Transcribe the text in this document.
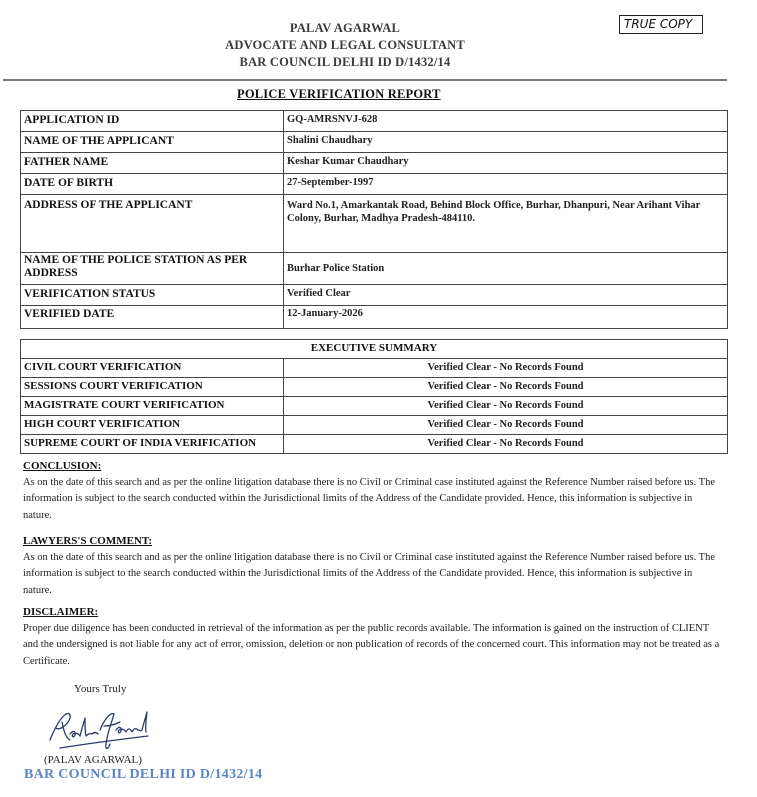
PALAV AGARWAL
ADVOCATE AND LEGAL CONSULTANT
BAR COUNCIL DELHI ID D/1432/14
TRUE COPY
POLICE VERIFICATION REPORT
APPLICATION ID	GQ-AMRSNVJ-628
NAME OF THE APPLICANT	Shalini Chaudhary
FATHER NAME	Keshar Kumar Chaudhary
DATE OF BIRTH	27-September-1997
ADDRESS OF THE APPLICANT	Ward No.1, Amarkantak Road, Behind Block Office, Burhar, Dhanpuri, Near Arihant Vihar Colony, Burhar, Madhya Pradesh-484110.
NAME OF THE POLICE STATION AS PER ADDRESS	Burhar Police Station
VERIFICATION STATUS	Verified Clear
VERIFIED DATE	12-January-2026
EXECUTIVE SUMMARY	
CIVIL COURT VERIFICATION	Verified Clear - No Records Found
SESSIONS COURT VERIFICATION	Verified Clear - No Records Found
MAGISTRATE COURT VERIFICATION	Verified Clear - No Records Found
HIGH COURT VERIFICATION	Verified Clear - No Records Found
SUPREME COURT OF INDIA VERIFICATION	Verified Clear - No Records Found
CONCLUSION:
As on the date of this search and as per the online litigation database there is no Civil or Criminal case instituted against the Reference Number raised before us. The information is subject to the search conducted within the Jurisdictional limits of the Address of the Candidate provided. Hence, this information is subjective in nature.
LAWYERS'S COMMENT:
As on the date of this search and as per the online litigation database there is no Civil or Criminal case instituted against the Reference Number raised before us. The information is subject to the search conducted within the Jurisdictional limits of the Address of the Candidate provided. Hence, this information is subjective in nature.
DISCLAIMER:
Proper due diligence has been conducted in retrieval of the information as per the public records available. The information is gained on the instruction of CLIENT and the undersigned is not liable for any act of error, omission, deletion or non publication of records of the concerned court. This information may not be treated as a Certificate.
Yours Truly
(PALAV AGARWAL)
BAR COUNCIL DELHI ID D/1432/14
